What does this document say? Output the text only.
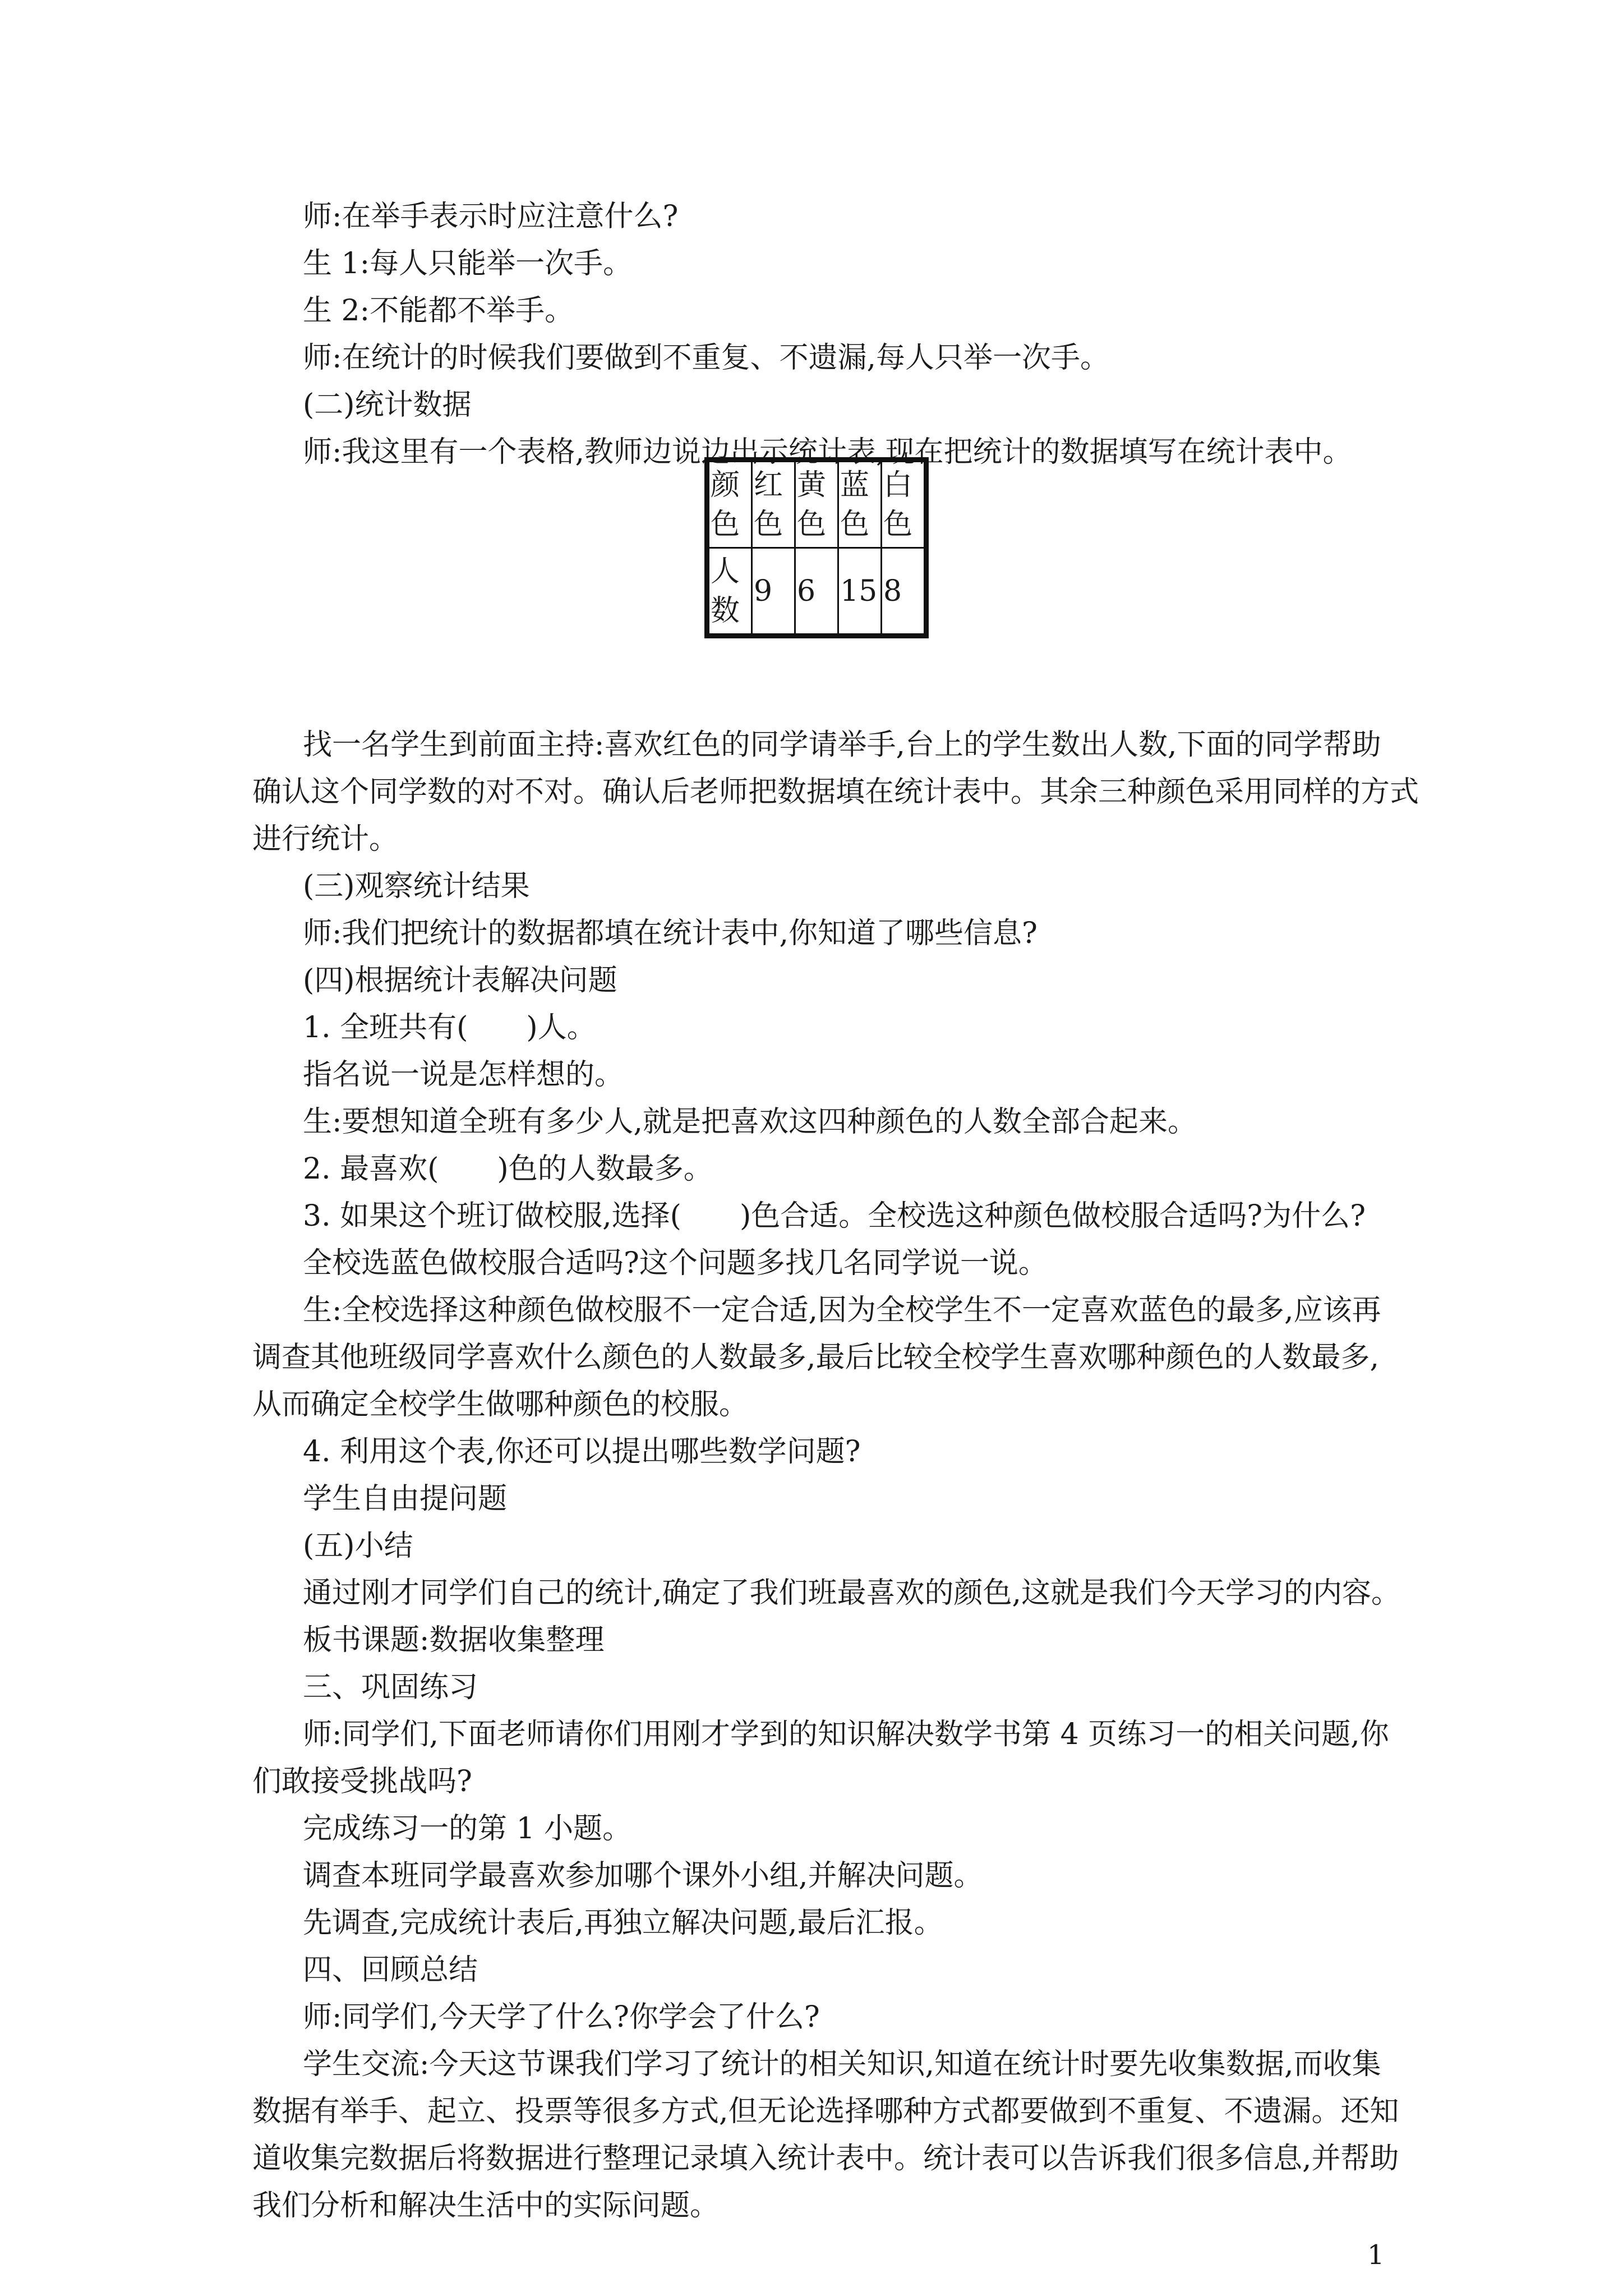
师:在举手表示时应注意什么?
生 1:每人只能举一次手。
生 2:不能都不举手。
师:在统计的时候我们要做到不重复、不遗漏,每人只举一次手。
(二)统计数据
师:我这里有一个表格,教师边说边出示统计表,现在把统计的数据填写在统计表中。
颜色	红色	黄色	蓝色	白色
人数	9	6	15	8
找一名学生到前面主持:喜欢红色的同学请举手,台上的学生数出人数,下面的同学帮助
确认这个同学数的对不对。确认后老师把数据填在统计表中。其余三种颜色采用同样的方式
进行统计。
(三)观察统计结果
师:我们把统计的数据都填在统计表中,你知道了哪些信息?
(四)根据统计表解决问题
1. 全班共有(　　)人。
指名说一说是怎样想的。
生:要想知道全班有多少人,就是把喜欢这四种颜色的人数全部合起来。
2. 最喜欢(　　)色的人数最多。
3. 如果这个班订做校服,选择(　　)色合适。全校选这种颜色做校服合适吗?为什么?
全校选蓝色做校服合适吗?这个问题多找几名同学说一说。
生:全校选择这种颜色做校服不一定合适,因为全校学生不一定喜欢蓝色的最多,应该再
调查其他班级同学喜欢什么颜色的人数最多,最后比较全校学生喜欢哪种颜色的人数最多,
从而确定全校学生做哪种颜色的校服。
4. 利用这个表,你还可以提出哪些数学问题?
学生自由提问题
(五)小结
通过刚才同学们自己的统计,确定了我们班最喜欢的颜色,这就是我们今天学习的内容。
板书课题:数据收集整理
三、巩固练习
师:同学们,下面老师请你们用刚才学到的知识解决数学书第 4 页练习一的相关问题,你
们敢接受挑战吗?
完成练习一的第 1 小题。
调查本班同学最喜欢参加哪个课外小组,并解决问题。
先调查,完成统计表后,再独立解决问题,最后汇报。
四、回顾总结
师:同学们,今天学了什么?你学会了什么?
学生交流:今天这节课我们学习了统计的相关知识,知道在统计时要先收集数据,而收集
数据有举手、起立、投票等很多方式,但无论选择哪种方式都要做到不重复、不遗漏。还知
道收集完数据后将数据进行整理记录填入统计表中。统计表可以告诉我们很多信息,并帮助
我们分析和解决生活中的实际问题。
1
